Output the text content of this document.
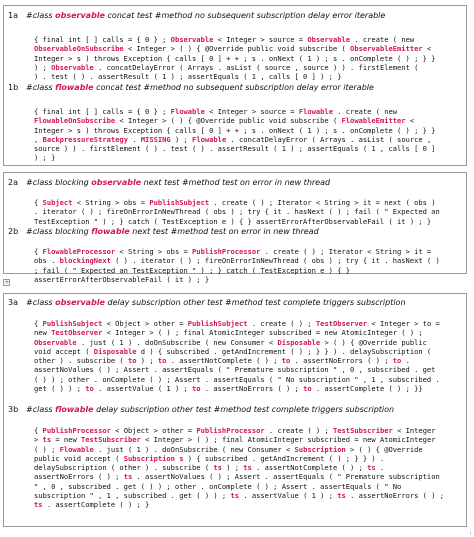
+
1a #class observable concat test #method no subsequent subscription delay error iterable
{ final int [ ] calls = { 0 } ; Observable < Integer > source = Observable . create ( new
ObservableOnSubscribe < Integer > ( ) { @Override public void subscribe ( ObservableEmitter <
Integer > s ) throws Exception { calls [ 0 ] + + ; s . onNext ( 1 ) ; s . onComplete ( ) ; } }
) ; Observable . concatDelayError ( Arrays . asList ( source , source ) ) . firstElement (
) . test ( ) . assertResult ( 1 ) ; assertEquals ( 1 , calls [ 0 ] ) ; }
1b #class flowable concat test #method no subsequent subscription delay error iterable
{ final int [ ] calls = { 0 } ; Flowable < Integer > source = Flowable . create ( new
FlowableOnSubscribe < Integer > ( ) { @Override public void subscribe ( FlowableEmitter <
Integer > s ) throws Exception { calls [ 0 ] + + ; s . onNext ( 1 ) ; s . onComplete ( ) ; } }
, BackpressureStrategy . MISSING ) ; Flowable . concatDelayError ( Arrays . asList ( source ,
source ) ) . firstElement ( ) . test ( ) . assertResult ( 1 ) ; assertEquals ( 1 , calls [ 0 ]
) ; }
2a #class blocking observable next test #method test on error in new thread
{ Subject < String > obs = PublishSubject . create ( ) ; Iterator < String > it = next ( obs )
. iterator ( ) ; fireOnErrorInNewThread ( obs ) ; try { it . hasNext ( ) ; fail ( " Expected an
TestException " ) ; } catch ( TestException e ) { } assertErrorAfterObservableFail ( it ) ; }
2b #class blocking flowable next test #method test on error in new thread
{ FlowableProcessor < String > obs = PublishProcessor . create ( ) ; Iterator < String > it =
obs . blockingNext ( ) . iterator ( ) ; fireOnErrorInNewThread ( obs ) ; try { it . hasNext ( )
; fail ( " Expected an TestException " ) ; } catch ( TestException e ) { }
assertErrorAfterObservableFail ( it ) ; }
3a #class observable delay subscription other test #method test complete triggers subscription
{ PublishSubject < Object > other = PublishSubject . create ( ) ; TestObserver < Integer > to =
new TestObserver < Integer > ( ) ; final AtomicInteger subscribed = new AtomicInteger ( ) ;
Observable . just ( 1 ) . doOnSubscribe ( new Consumer < Disposable > ( ) { @Override public
void accept ( Disposable d ) { subscribed . getAndIncrement ( ) ; } } ) . delaySubscription (
other ) . subscribe ( to ) ; to . assertNotComplete ( ) ; to . assertNoErrors ( ) ; to .
assertNoValues ( ) ; Assert . assertEquals ( " Premature subscription " , 0 , subscribed . get
( ) ) ; other . onComplete ( ) ; Assert . assertEquals ( " No subscription " , 1 , subscribed .
get ( ) ) ; to . assertValue ( 1 ) ; to . assertNoErrors ( ) ; to . assertComplete ( ) ; }}
3b #class flowable delay subscription other test #method test complete triggers subscription
{ PublishProcessor < Object > other = PublishProcessor . create ( ) ; TestSubscriber < Integer
> ts = new TestSubscriber < Integer > ( ) ; final AtomicInteger subscribed = new AtomicInteger
( ) ; Flowable . just ( 1 ) . doOnSubscribe ( new Consumer < Subscription > ( ) { @Override
public void accept ( Subscription s ) { subscribed . getAndIncrement ( ) ; } } ) .
delaySubscription ( other ) . subscribe ( ts ) ; ts . assertNotComplete ( ) ; ts .
assertNoErrors ( ) ; ts . assertNoValues ( ) ; Assert . assertEquals ( " Premature subscription
" , 0 , subscribed . get ( ) ) ; other . onComplete ( ) ; Assert . assertEquals ( " No
subscription " , 1 , subscribed . get ( ) ) ; ts . assertValue ( 1 ) ; ts . assertNoErrors ( ) ;
ts . assertComplete ( ) ; }
